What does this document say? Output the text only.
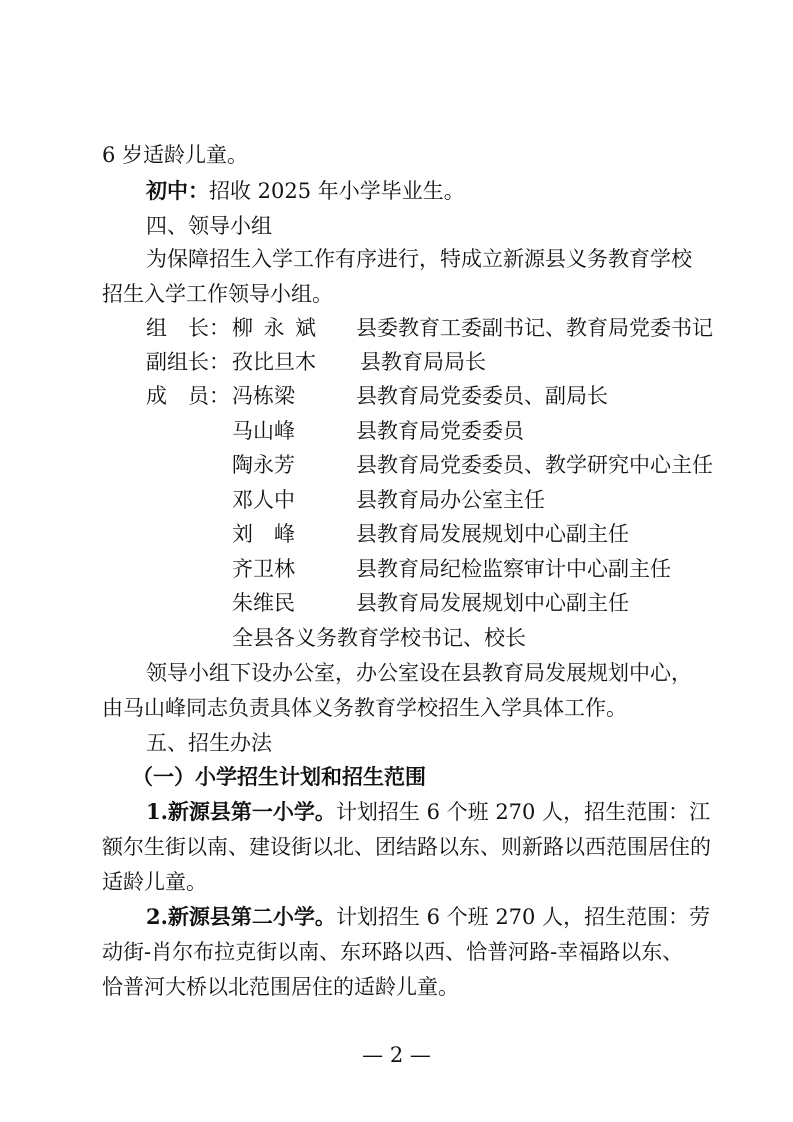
6 岁适龄儿童。
初中：招收 2025 年小学毕业生。
四、领导小组
为保障招生入学工作有序进行，特成立新源县义务教育学校
招生入学工作领导小组。
组　长： 柳永斌 县委教育工委副书记、教育局党委书记
副组长： 孜比旦木	县教育局局长
成　员： 冯栋梁	县教育局党委委员、副局长
马山峰	县教育局党委委员
陶永芳	县教育局党委委员、教学研究中心主任
邓人中	县教育局办公室主任
刘　峰	县教育局发展规划中心副主任
齐卫林	县教育局纪检监察审计中心副主任
朱维民	县教育局发展规划中心副主任
全县各义务教育学校书记、校长
领导小组下设办公室，办公室设在县教育局发展规划中心，
由马山峰同志负责具体义务教育学校招生入学具体工作。
五、招生办法
（一）小学招生计划和招生范围
1.新源县第一小学。计划招生 6 个班 270 人，招生范围：江
额尔生街以南、建设街以北、团结路以东、则新路以西范围居住的
适龄儿童。
2.新源县第二小学。计划招生 6 个班 270 人，招生范围：劳
动街-肖尔布拉克街以南、东环路以西、恰普河路-幸福路以东、
恰普河大桥以北范围居住的适龄儿童。
— 2 —
